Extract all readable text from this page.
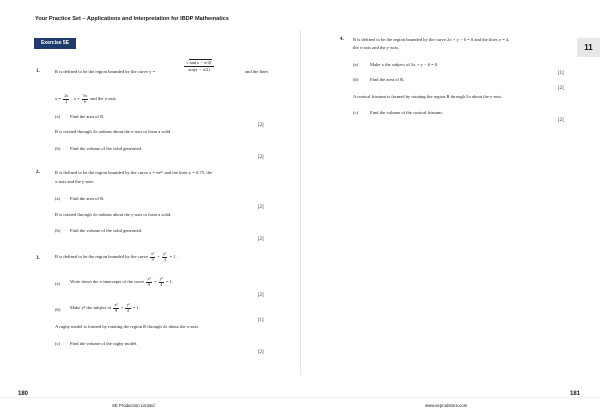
Your Practice Set – Applications and Interpretation for IBDP Mathematics
Exercise 5E	11
1.	R is defined to be the region bounded by the curve y =
√tan(x − π/4)
sin(x − π/2)	and the lines
$x = \frac{2\pi}{3}$ , $x = \frac{5\pi}{6}$ and the y-axis.
(a) Find the area of R.
[2]
R is rotated through 2π radians about the x-axis to form a solid.
(b) Find the volume of the solid generated.
[2]
2.	R is defined to be the region bounded by the curve x = πe²ʸ and the lines y = 0.75, the
x-axis and the y-axis.
(a) Find the area of R.
[2]
R is rotated through 2π radians about the y-axis to form a solid.
(b) Find the volume of the solid generated.
[2]
3.	R is defined to be the region bounded by the curve $\frac{\text{x²}}{9} + \frac{\text{y²}}{4} = 1$ .
(a) Write down the x-intercepts of the curve $\frac{\text{x²}}{9} + \frac{\text{y²}}{4} = 1$.
[2]
(b) Make y² the subject of $\frac{\text{x²}}{9} + \frac{\text{y²}}{4} = 1$.
[1]
A rugby model is formed by rotating the region R through 2π about the x-axis.
(c) Find the volume of the rugby model.
[2]
4. R is defined to be the region bounded by the curve 2x + y − 6 = 0 and the lines y = 4,
the x-axis and the y-axis.
(a)	Make x the subject of 2x + y − 6 = 0.
[1]
(b)	Find the area of R.
[2]
A conical frustum is formed by rotating the region R through 2π about the y-axis.
(c)	Find the volume of the conical frustum.
[2]
180	181
SE Production Limited	www.seprodstore.com
